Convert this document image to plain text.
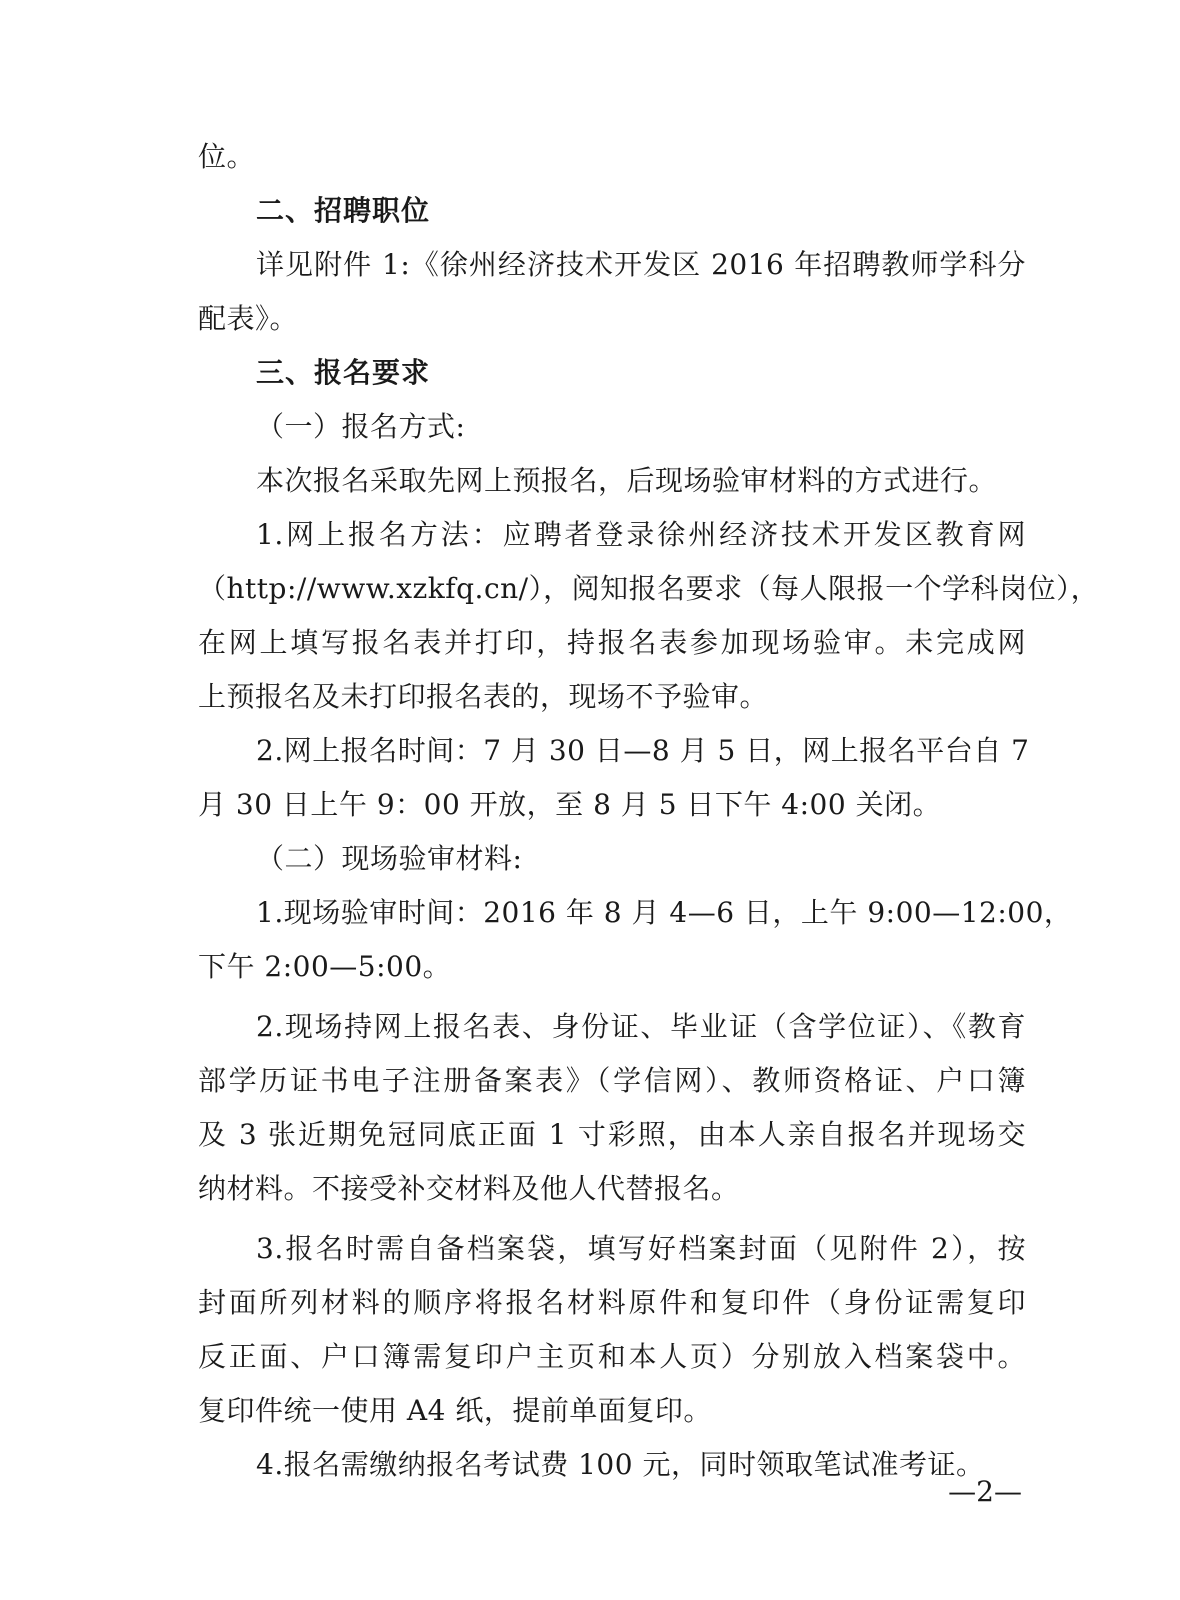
位。
二、招聘职位
详见附件 1:《徐州经济技术开发区 2016 年招聘教师学科分
配表》。
三、报名要求
（一）报名方式:
本次报名采取先网上预报名，后现场验审材料的方式进行。
1.网上报名方法：应聘者登录徐州经济技术开发区教育网
（http://www.xzkfq.cn/），阅知报名要求（每人限报一个学科岗位），
在网上填写报名表并打印，持报名表参加现场验审。未完成网
上预报名及未打印报名表的，现场不予验审。
2.网上报名时间：7 月 30 日—8 月 5 日，网上报名平台自 7
月 30 日上午 9：00 开放，至 8 月 5 日下午 4:00 关闭。
（二）现场验审材料:
1.现场验审时间：2016 年 8 月 4—6 日，上午 9:00—12:00，
下午 2:00—5:00。
2.现场持网上报名表、身份证、毕业证（含学位证）、《教育
部学历证书电子注册备案表》（学信网）、教师资格证、户口簿
及 3 张近期免冠同底正面 1 寸彩照，由本人亲自报名并现场交
纳材料。不接受补交材料及他人代替报名。
3.报名时需自备档案袋，填写好档案封面（见附件 2），按
封面所列材料的顺序将报名材料原件和复印件（身份证需复印
反正面、户口簿需复印户主页和本人页）分别放入档案袋中。
复印件统一使用 A4 纸，提前单面复印。
4.报名需缴纳报名考试费 100 元，同时领取笔试准考证。
—2—
